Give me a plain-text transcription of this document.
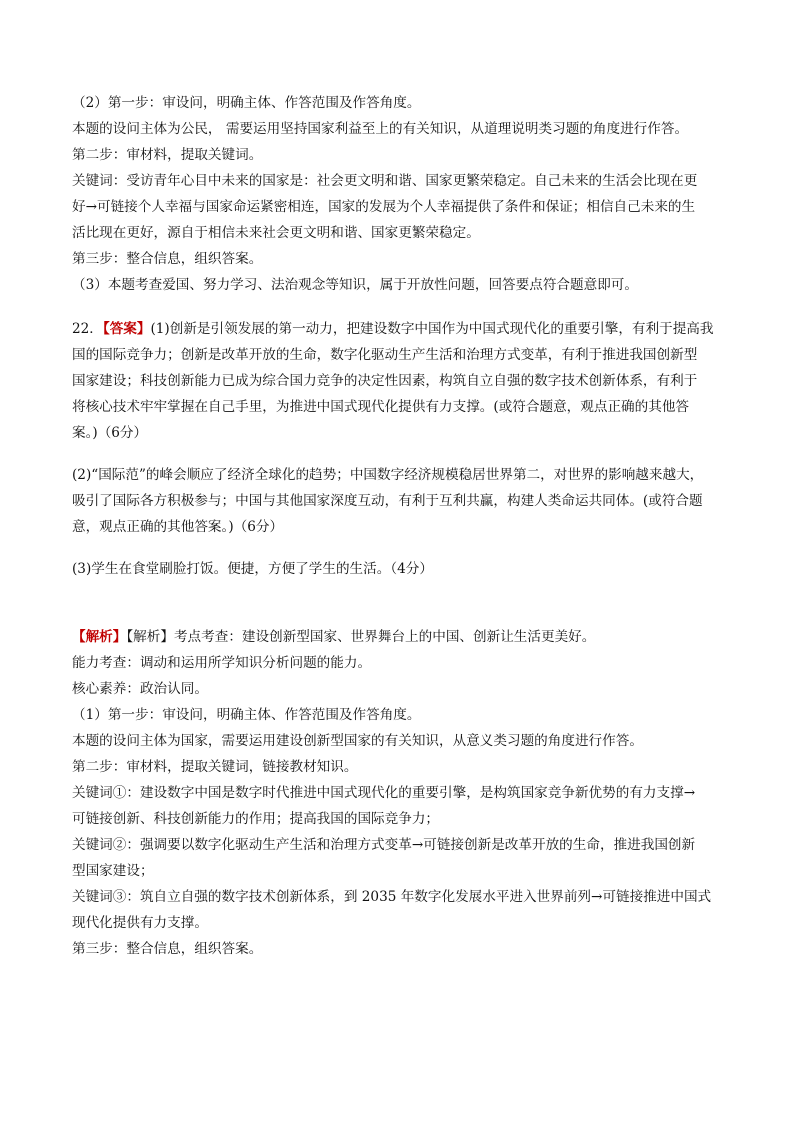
（2）第一步：审设问，明确主体、作答范围及作答角度。
本题的设问主体为公民， 需要运用坚持国家利益至上的有关知识，从道理说明类习题的角度进行作答。
第二步：审材料，提取关键词。
关键词：受访青年心目中未来的国家是：社会更文明和谐、国家更繁荣稳定。自己未来的生活会比现在更
好→可链接个人幸福与国家命运紧密相连，国家的发展为个人幸福提供了条件和保证；相信自己未来的生
活比现在更好，源自于相信未来社会更文明和谐、国家更繁荣稳定。
第三步：整合信息，组织答案。
（3）本题考查爱国、努力学习、法治观念等知识，属于开放性问题，回答要点符合题意即可。
22．【答案】(1)创新是引领发展的第一动力，把建设数字中国作为中国式现代化的重要引擎，有利于提高我
国的国际竞争力；创新是改革开放的生命，数字化驱动生产生活和治理方式变革，有利于推进我国创新型
国家建设；科技创新能力已成为综合国力竞争的决定性因素，构筑自立自强的数字技术创新体系，有利于
将核心技术牢牢掌握在自己手里，为推进中国式现代化提供有力支撑。(或符合题意，观点正确的其他答
案。)（6分）
(2)“国际范”的峰会顺应了经济全球化的趋势；中国数字经济规模稳居世界第二，对世界的影响越来越大，
吸引了国际各方积极参与；中国与其他国家深度互动，有利于互利共赢，构建人类命运共同体。(或符合题
意，观点正确的其他答案。)（6分）
(3)学生在食堂刷脸打饭。便捷，方便了学生的生活。（4分）
【解析】【解析】考点考查：建设创新型国家、世界舞台上的中国、创新让生活更美好。
能力考查：调动和运用所学知识分析问题的能力。
核心素养：政治认同。
（1）第一步：审设问，明确主体、作答范围及作答角度。
本题的设问主体为国家，需要运用建设创新型国家的有关知识，从意义类习题的角度进行作答。
第二步：审材料，提取关键词，链接教材知识。
关键词①：建设数字中国是数字时代推进中国式现代化的重要引擎，是构筑国家竞争新优势的有力支撑→
可链接创新、科技创新能力的作用；提高我国的国际竞争力；
关键词②：强调要以数字化驱动生产生活和治理方式变革→可链接创新是改革开放的生命，推进我国创新
型国家建设；
关键词③：筑自立自强的数字技术创新体系，到 2035 年数字化发展水平进入世界前列→可链接推进中国式
现代化提供有力支撑。
第三步：整合信息，组织答案。
